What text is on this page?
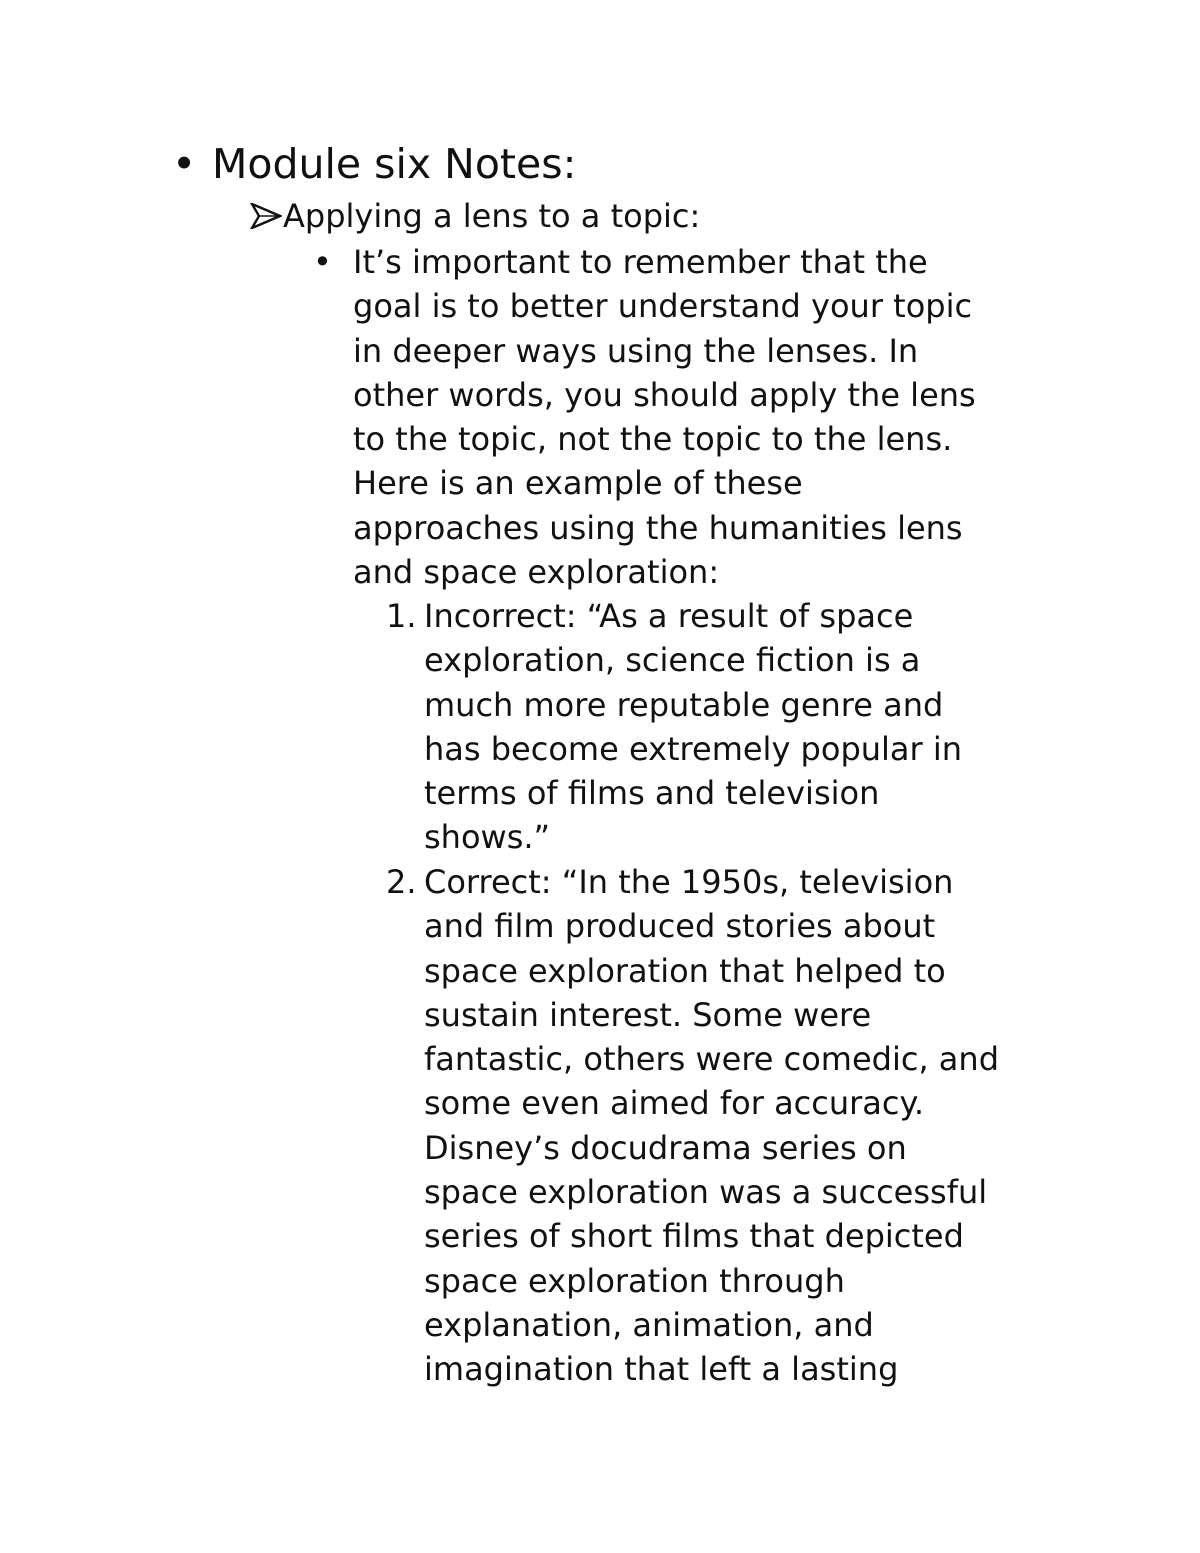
• Module six Notes:
Applying a lens to a topic:
• It’s important to remember that the
goal is to better understand your topic
in deeper ways using the lenses. In
other words, you should apply the lens
to the topic, not the topic to the lens.
Here is an example of these
approaches using the humanities lens
and space exploration:
1. Incorrect: “As a result of space
exploration, science fiction is a
much more reputable genre and
has become extremely popular in
terms of films and television
shows.”
2. Correct: “In the 1950s, television
and film produced stories about
space exploration that helped to
sustain interest. Some were
fantastic, others were comedic, and
some even aimed for accuracy.
Disney’s docudrama series on
space exploration was a successful
series of short films that depicted
space exploration through
explanation, animation, and
imagination that left a lasting
